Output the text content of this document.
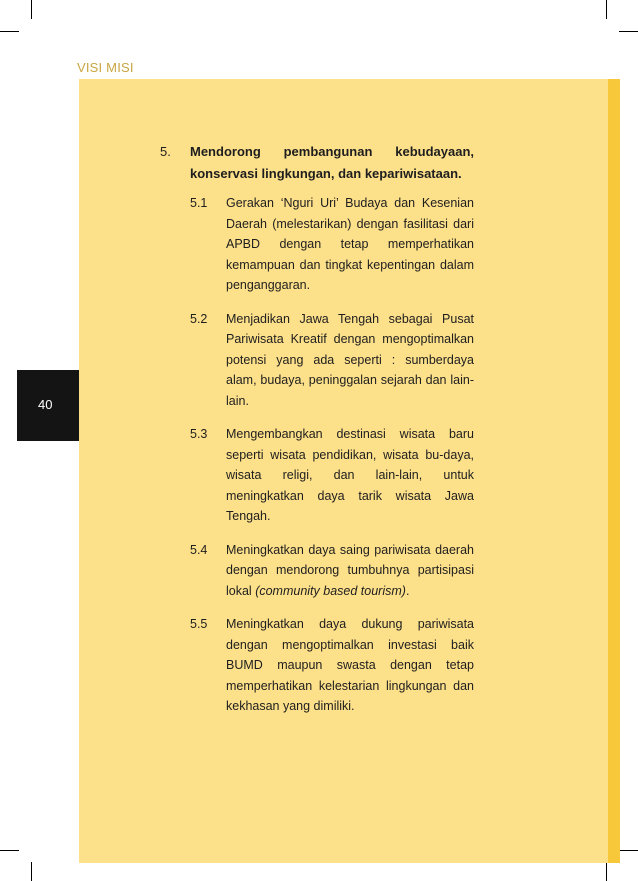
VISI MISI
40
5.	Mendorong pembangunan kebudayaan, konservasi lingkungan, dan kepariwisataan.
5.1	Gerakan ‘Nguri Uri’ Budaya dan Kesenian Daerah (melestarikan) dengan fasilitasi dari APBD dengan tetap memperhatikan kemampuan dan tingkat kepentingan dalam penganggaran.
5.2	Menjadikan Jawa Tengah sebagai Pusat Pariwisata Kreatif dengan mengoptimalkan potensi yang ada seperti : sumberdaya alam, budaya, peninggalan sejarah dan lain-lain.
5.3	Mengembangkan destinasi wisata baru seperti wisata pendidikan, wisata bu-daya, wisata religi, dan lain-lain, untuk meningkatkan daya tarik wisata Jawa Tengah.
5.4	Meningkatkan daya saing pariwisata daerah dengan mendorong tumbuhnya partisipasi lokal (community based tourism).
5.5	Meningkatkan daya dukung pariwisata dengan mengoptimalkan investasi baik BUMD maupun swasta dengan tetap memperhatikan kelestarian lingkungan dan kekhasan yang dimiliki.
